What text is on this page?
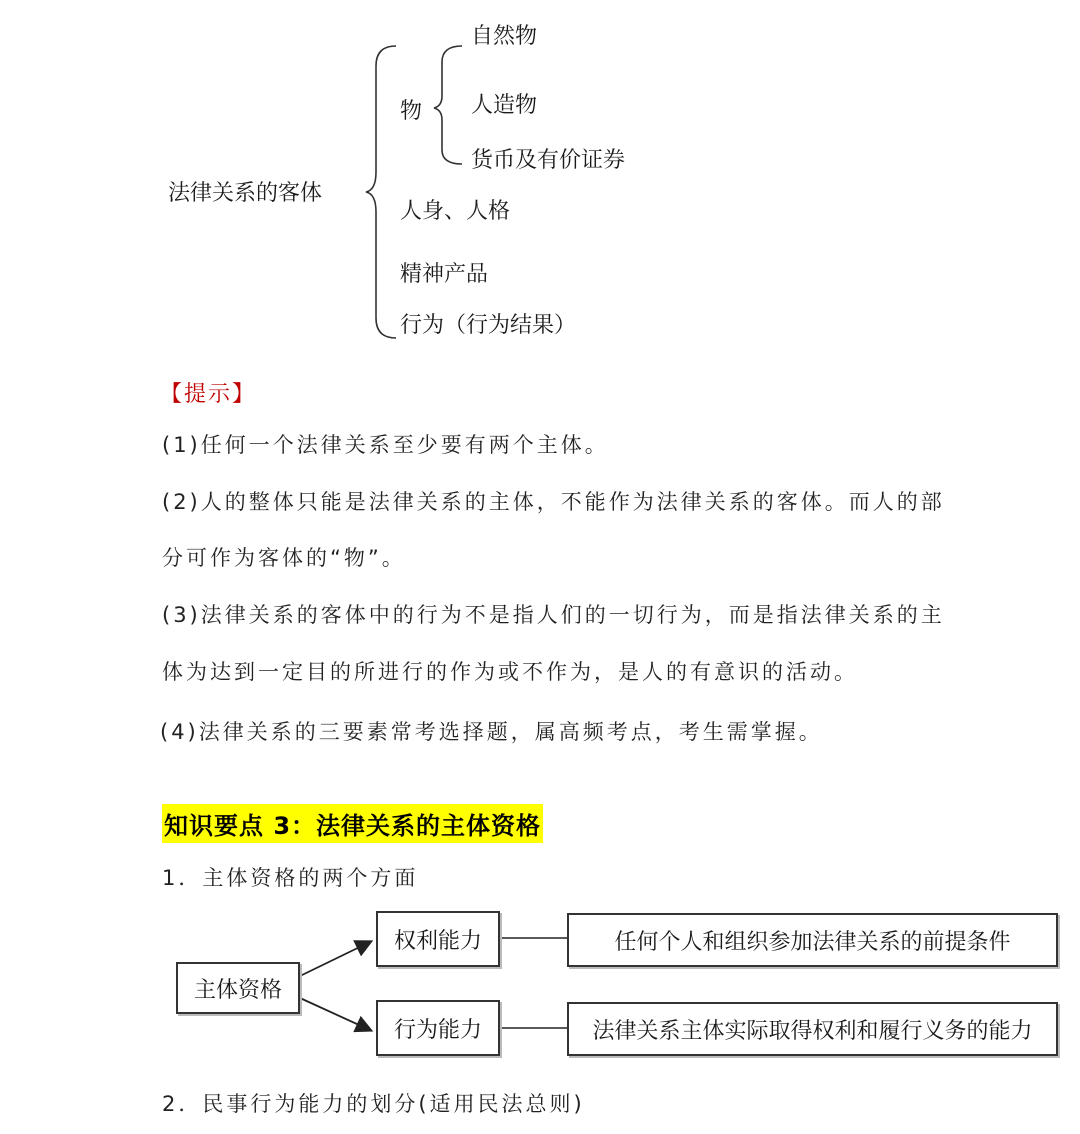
法律关系的客体
物
自然物
人造物
货币及有价证券
人身、人格
精神产品
行为（行为结果）
【提示】
(1)任何一个法律关系至少要有两个主体。
(2)人的整体只能是法律关系的主体，不能作为法律关系的客体。而人的部
分可作为客体的“物”。
(3)法律关系的客体中的行为不是指人们的一切行为，而是指法律关系的主
体为达到一定目的所进行的作为或不作为，是人的有意识的活动。
(4)法律关系的三要素常考选择题，属高频考点，考生需掌握。
知识要点 3：法律关系的主体资格
1．主体资格的两个方面
主体资格
权利能力
行为能力
任何个人和组织参加法律关系的前提条件
法律关系主体实际取得权利和履行义务的能力
2．民事行为能力的划分(适用民法总则)
